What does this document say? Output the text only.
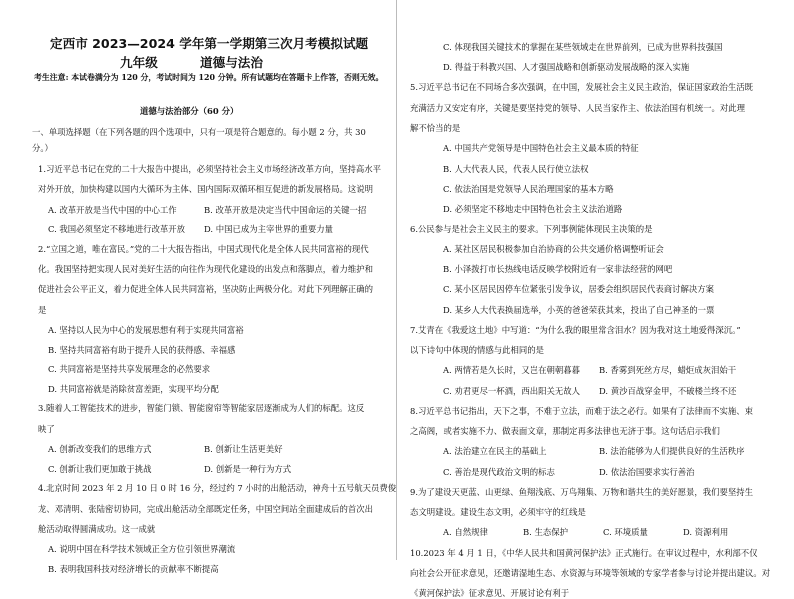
定西市 2023—2024 学年第一学期第三次月考模拟试题
九年级	道德与法治
考生注意: 本试卷满分为 120 分，考试时间为 120 分钟。所有试题均在答题卡上作答，否则无效。
道德与法治部分（60 分）
一、单项选择题（在下列各题的四个选项中，只有一项是符合题意的。每小题 2 分，共 30
分。）
1.习近平总书记在党的二十大报告中提出，必须坚持社会主义市场经济改革方向，坚持高水平
对外开放，加快构建以国内大循环为主体、国内国际双循环相互促进的新发展格局。这说明
A. 改革开放是当代中国的中心工作	B. 改革开放是决定当代中国命运的关键一招
C. 我国必须坚定不移地进行改革开放 D. 中国已成为主宰世界的重要力量
2.“立国之道，唯在富民。”党的二十大报告指出，中国式现代化是全体人民共同富裕的现代
化。我国坚持把实现人民对美好生活的向往作为现代化建设的出发点和落脚点，着力维护和
促进社会公平正义，着力促进全体人民共同富裕，坚决防止两极分化。对此下列理解正确的
是
A. 坚持以人民为中心的发展思想有利于实现共同富裕
B. 坚持共同富裕有助于提升人民的获得感、幸福感
C. 共同富裕是坚持共享发展理念的必然要求
D. 共同富裕就是消除贫富差距，实现平均分配
3.随着人工智能技术的进步，智能门锁、智能窗帘等智能家居逐渐成为人们的标配。这反
映了
A. 创新改变我们的思维方式	B. 创新让生活更美好
C. 创新让我们更加敢于挑战	D. 创新是一种行为方式
4.北京时间 2023 年 2 月 10 日 0 时 16 分，经过约 7 小时的出舱活动，神舟十五号航天员费俊
龙、邓清明、张陆密切协同，完成出舱活动全部既定任务，中国空间站全面建成后的首次出
舱活动取得圆满成功。这一成就
A. 说明中国在科学技术领域正全方位引领世界潮流
B. 表明我国科技对经济增长的贡献率不断提高
C. 体现我国关键技术的掌握在某些领域走在世界前列，已成为世界科技强国
D. 得益于科教兴国、人才强国战略和创新驱动发展战略的深入实施
5.习近平总书记在不同场合多次强调，在中国，发展社会主义民主政治，保证国家政治生活既
充满活力又安定有序，关键是要坚持党的领导、人民当家作主、依法治国有机统一。对此理
解不恰当的是
A. 中国共产党领导是中国特色社会主义最本质的特征
B. 人大代表人民，代表人民行使立法权
C. 依法治国是党领导人民治理国家的基本方略
D. 必须坚定不移地走中国特色社会主义法治道路
6.公民参与是社会主义民主的要求。下列事例能体现民主决策的是
A. 某社区居民积极参加自治协商的公共交通价格调整听证会
B. 小泽拨打市长热线电话反映学校附近有一家非法经营的网吧
C. 某小区居民因停车位紧张引发争议，居委会组织居民代表商讨解决方案
D. 某乡人大代表换届选举，小英的爸爸荣获其来，投出了自己神圣的一票
7.艾青在《我爱这土地》中写道：“为什么我的眼里常含泪水？因为我对这土地爱得深沉。”
以下诗句中体现的情感与此相同的是
A. 两情若是久长时，又岂在朝朝暮暮 B. 香雾到死丝方尽，蜡炬成灰泪始干
C. 劝君更尽一杯酒，西出阳关无故人 D. 黄沙百战穿金甲，不破楼兰终不还
8.习近平总书记指出，天下之事，不难于立法，而难于法之必行。如果有了法律而不实施、束
之高阁，或者实施不力、做表面文章，那制定再多法律也无济于事。这句话启示我们
A. 法治建立在民主的基础上	B. 法治能够为人们提供良好的生活秩序
C. 善治是现代政治文明的标志	D. 依法治国要求实行善治
9.为了建设天更蓝、山更绿、鱼翔浅底、万鸟翔集、万物和谐共生的美好愿景，我们要坚持生
态文明建设。建设生态文明，必须牢守的红线是
A. 自然规律	B. 生态保护	C. 环境质量	D. 资源利用
10.2023 年 4 月 1 日，《中华人民共和国黄河保护法》正式施行。在审议过程中，水利部不仅
向社会公开征求意见，还邀请湿地生态、水资源与环境等领域的专家学者参与讨论并提出建议。对
《黄河保护法》征求意见、开展讨论有利于
